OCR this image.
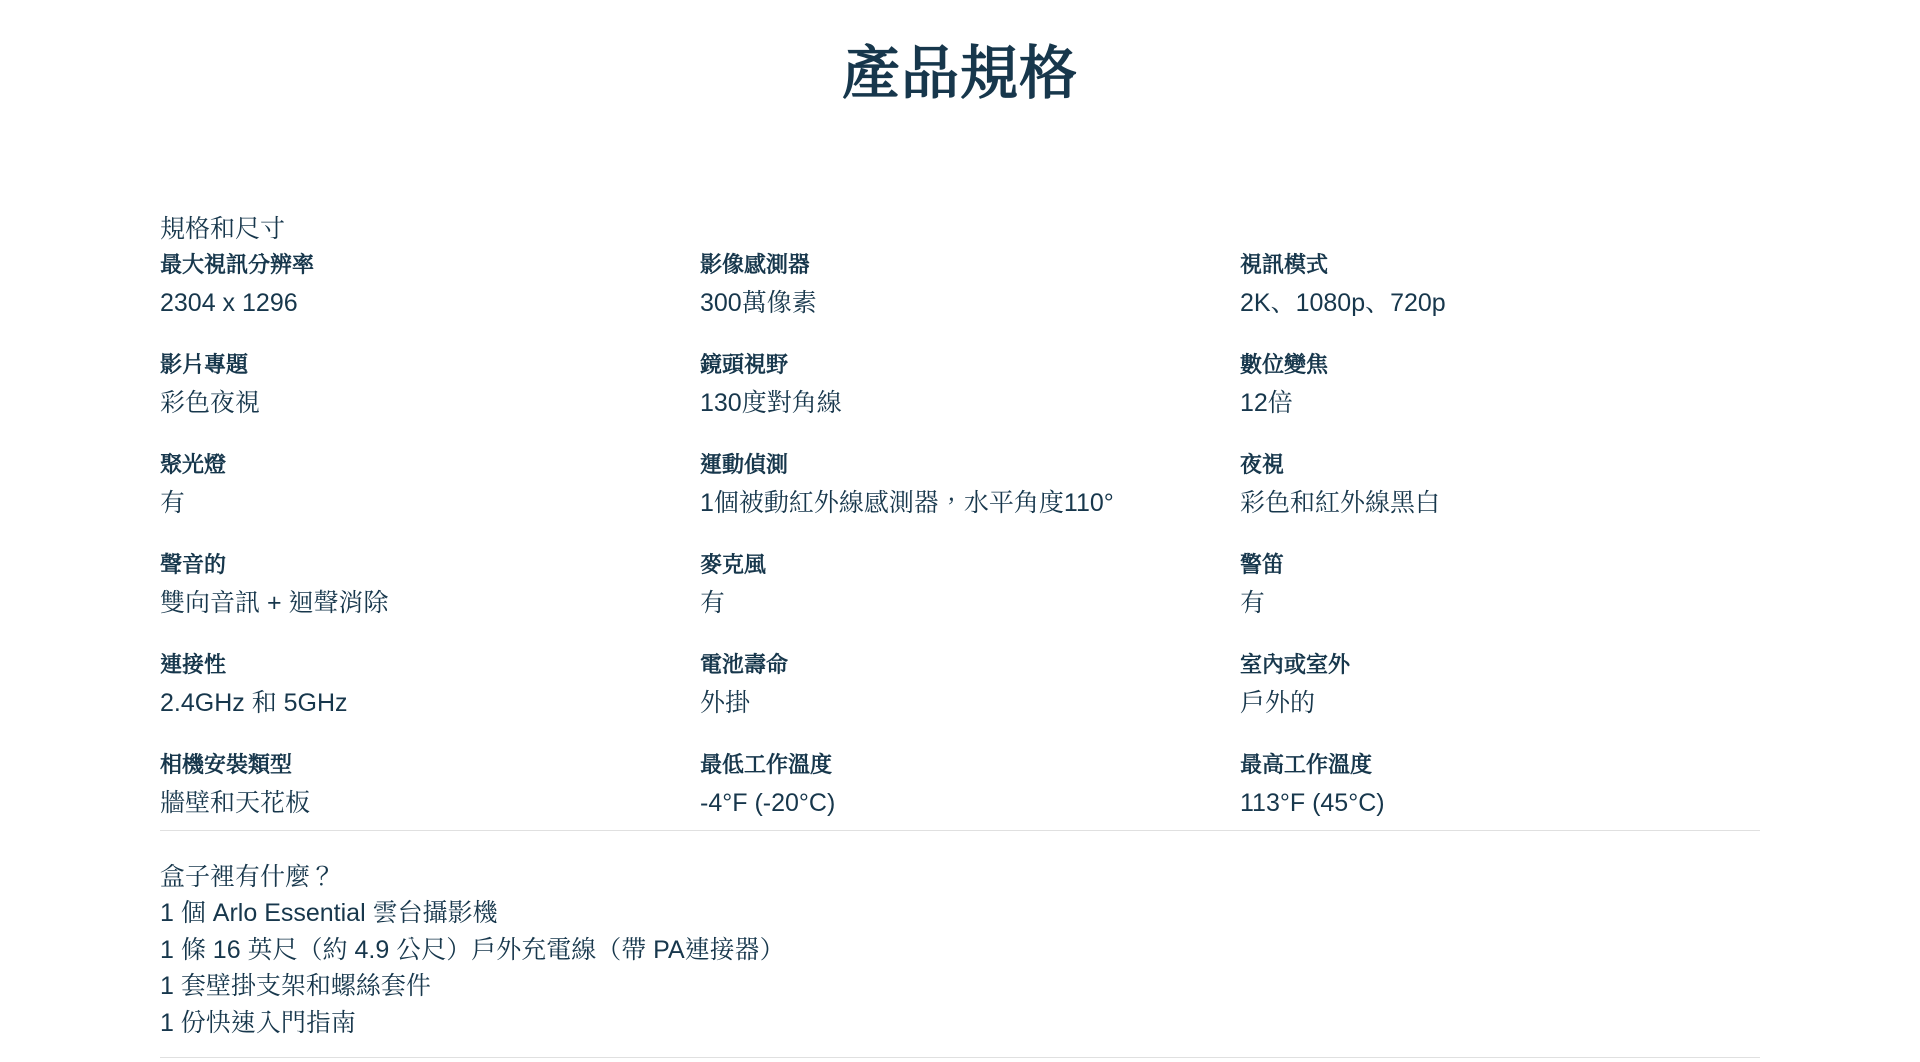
產品規格
規格和尺寸
最大視訊分辨率
2304 x 1296
影像感測器
300萬像素
視訊模式
2K、1080p、720p
影片專題
彩色夜視
鏡頭視野
130度對角線
數位變焦
12倍
聚光燈
有
運動偵測
1個被動紅外線感測器，水平角度110°
夜視
彩色和紅外線黑白
聲音的
雙向音訊 + 迴聲消除
麥克風
有
警笛
有
連接性
2.4GHz 和 5GHz
電池壽命
外掛
室內或室外
戶外的
相機安裝類型
牆壁和天花板
最低工作溫度
-4°F (-20°C)
最高工作溫度
113°F (45°C)
盒子裡有什麼？
1 個 Arlo Essential 雲台攝影機
1 條 16 英尺（約 4.9 公尺）戶外充電線（帶 PA連接器）
1 套壁掛支架和螺絲套件
1 份快速入門指南
